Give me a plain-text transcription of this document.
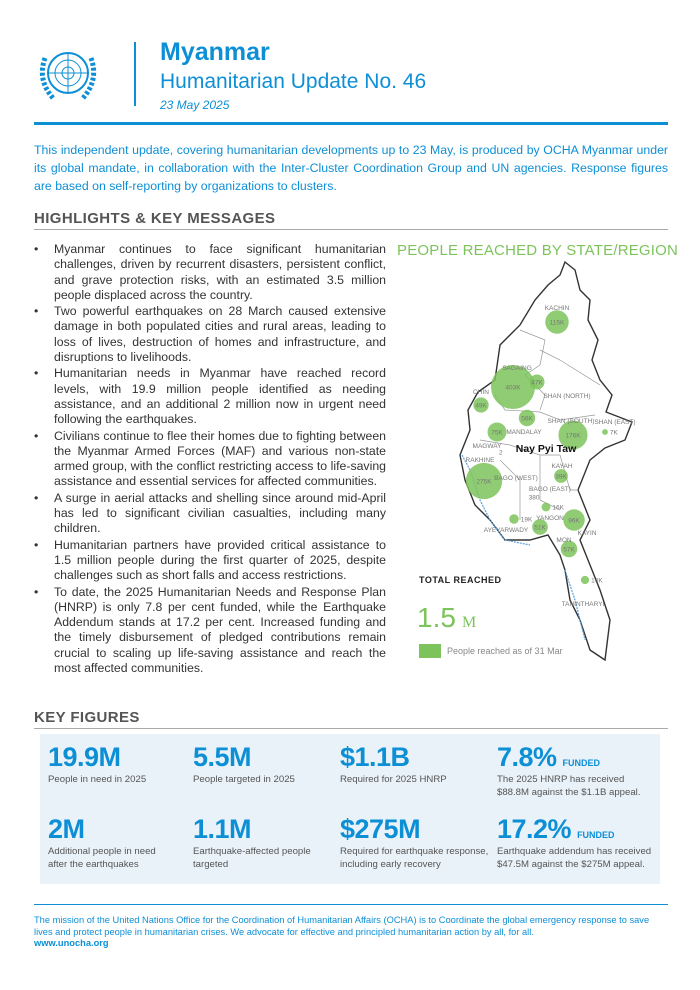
Myanmar
Humanitarian Update No. 46
23 May 2025

This independent update, covering humanitarian developments up to 23 May, is produced by OCHA Myanmar under its global mandate, in collaboration with the Inter-Cluster Coordination Group and UN agencies. Response figures are based on self-reporting by organizations to clusters.

HIGHLIGHTS & KEY MESSAGES
• Myanmar continues to face significant humanitarian challenges, driven by recurrent disasters, persistent conflict, and grave protection risks, with an estimated 3.5 million people displaced across the country.
• Two powerful earthquakes on 28 March caused extensive damage in both populated cities and rural areas, leading to loss of lives, destruction of homes and infrastructure, and disruptions to livelihoods.
• Humanitarian needs in Myanmar have reached record levels, with 19.9 million people identified as needing assistance, and an additional 2 million now in urgent need following the earthquakes.
• Civilians continue to flee their homes due to fighting between the Myanmar Armed Forces (MAF) and various non-state armed group, with the conflict restricting access to life-saving assistance and essential services for affected communities.
• A surge in aerial attacks and shelling since around mid-April has led to significant civilian casualties, including many children.
• Humanitarian partners have provided critical assistance to 1.5 million people during the first quarter of 2025, despite challenges such as short falls and access restrictions.
• To date, the 2025 Humanitarian Needs and Response Plan (HNRP) is only 7.8 per cent funded, while the Earthquake Addendum stands at 17.2 per cent. Increased funding and the timely disbursement of pledged contributions remain crucial to scaling up life-saving assistance and reach the most affected communities.
PEOPLE REACHED BY STATE/REGION
115K
403K
49K
47K
56K
75K	176K	7K
275K
39K
96K
57K
19K
16K
51K
14K
380
2
KACHIN
SAGAING
CHIN
SHAN (NORTH)
MANDALAY
SHAN (SOUTH) SHAN (EAST)
MAGWAY
RAKHINE
BAGO (WEST)
BAGO (EAST)
KAYAH
KAYIN
YANGON
AYEYARWADY
MON
TANINTHARYI
Nay Pyi Taw
TOTAL REACHED
1.5 M
People reached as of 31 Mar
KEY FIGURES
19.9M
People in need in 2025
5.5M
People targeted in 2025
$1.1B
Required for 2025 HNRP
7.8% FUNDED
The 2025 HNRP has received $88.8M against the $1.1B appeal.
2M
Additional people in need after the earthquakes
1.1M
Earthquake-affected people targeted
$275M
Required for earthquake response, including early recovery
17.2% FUNDED
Earthquake addendum has received $47.5M against the $275M appeal.
The mission of the United Nations Office for the Coordination of Humanitarian Affairs (OCHA) is to Coordinate the global emergency response to save lives and protect people in humanitarian crises. We advocate for effective and principled humanitarian action by all, for all.
www.unocha.org
